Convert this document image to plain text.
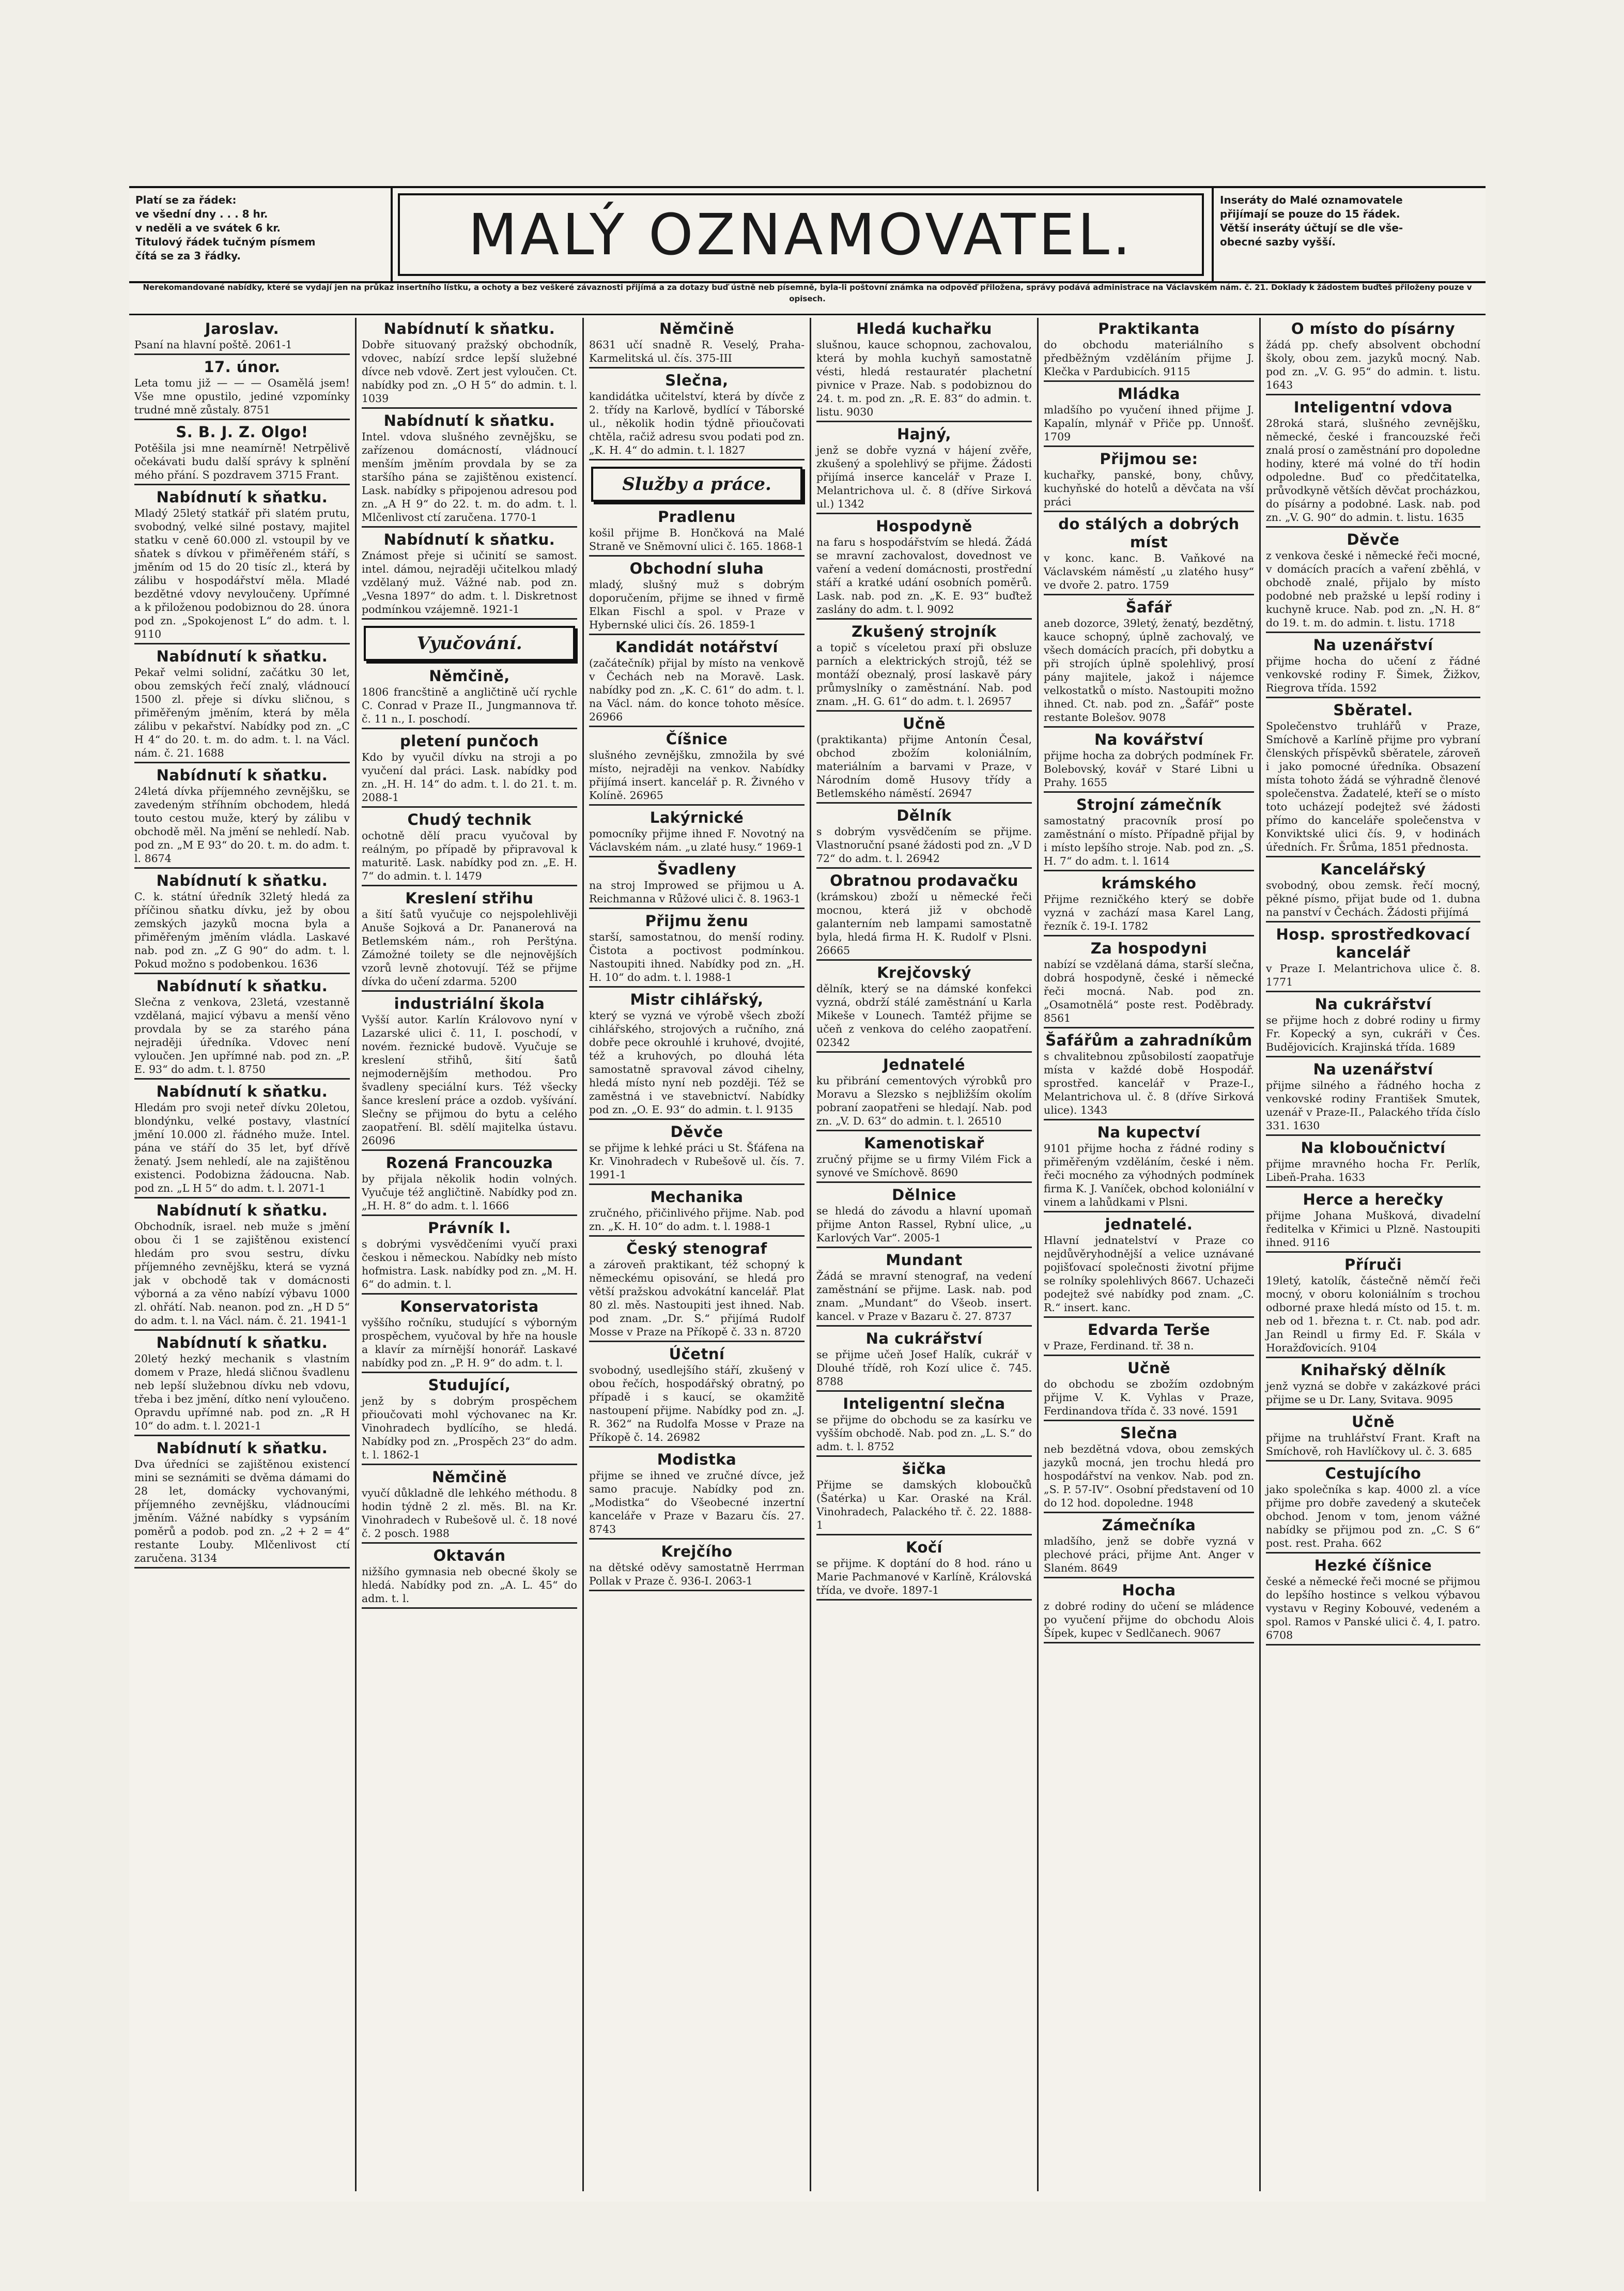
Platí se za řádek:
ve všední dny . . . 8 hr.
v neděli a ve svátek 6 kr.
Titulový řádek tučným písmem
čítá se za 3 řádky.	MALÝ OZNAMOVATEL.
Inseráty do Malé oznamovatele
přijímají se pouze do 15 řádek.
Větší inseráty účtují se dle vše-
obecné sazby vyšší.
Nerekomandované nabídky, které se vydají jen na průkaz insertního lístku, a ochoty a bez veškeré závaznosti přijímá a za dotazy buď ústně neb písemně, byla-li poštovní známka na odpověď přiložena, správy podává administrace na Václavském nám. č. 21. Doklady k žádostem buďteš přiloženy pouze v opisech.
Jaroslav.
Psaní na hlavní poště. 2061-1
17. únor.
Leta tomu již — — — Osamělá jsem! Vše mne opustilo, jediné vzpomínky trudné mně zůstaly. 8751
S. B. J. Z. Olgo!
Potěšila jsi mne neamírně! Netrpělivě očekávati budu další správy k splnění mého přání. S pozdravem 3715 Frant.
Nabídnutí k sňatku.
Mladý 25letý statkář při slatém prutu, svobodný, velké silné postavy, majitel statku v ceně 60.000 zl. vstoupil by ve sňatek s dívkou v přiměřeném stáří, s jměním od 15 do 20 tisíc zl., která by zálibu v hospodářství měla. Mladé bezdětné vdovy nevyloučeny. Upřímné a k přiloženou podobiznou do 28. února pod zn. „Spokojenost L“ do adm. t. l. 9110
Nabídnutí k sňatku.
Pekař velmi solidní, začátku 30 let, obou zemských řečí znalý, vládnoucí 1500 zl. přeje si dívku sličnou, s přiměřeným jměním, která by měla zálibu v pekařství. Nabídky pod zn. „C H 4“ do 20. t. m. do adm. t. l. na Václ. nám. č. 21. 1688
Nabídnutí k sňatku.
24letá dívka příjemného zevnějšku, se zavedeným stříhním obchodem, hledá touto cestou muže, který by zálibu v obchodě měl. Na jmění se nehledí. Nab. pod zn. „M E 93“ do 20. t. m. do adm. t. l. 8674
Nabídnutí k sňatku.
C. k. státní úředník 32letý hledá za příčinou sňatku dívku, jež by obou zemských jazyků mocna byla a přiměřeným jměním vládla. Laskavé nab. pod zn. „Z G 90“ do adm. t. l. Pokud možno s podobenkou. 1636
Nabídnutí k sňatku.
Slečna z venkova, 23letá, vzestanně vzdělaná, majicí výbavu a menší věno provdala by se za starého pána nejraději úředníka. Vdovec není vyloučen. Jen upřímné nab. pod zn. „P. E. 93“ do adm. t. l. 8750
Nabídnutí k sňatku.
Hledám pro svoji neteř dívku 20letou, blondýnku, velké postavy, vlastnící jmění 10.000 zl. řádného muže. Intel. pána ve stáří do 35 let, byť dřívě ženatý. Jsem nehledí, ale na zajištěnou existenci. Podobizna žádoucna. Nab. pod zn. „L H 5“ do adm. t. l. 2071-1
Nabídnutí k sňatku.
Obchodník, israel. neb muže s jmění obou či 1 se zajištěnou existencí hledám pro svou sestru, dívku příjemného zevnějšku, která se vyzná jak v obchodě tak v domácnosti výborná a za věno nabízí výbavu 1000 zl. ohřátí. Nab. neanon. pod zn. „H D 5“ do adm. t. l. na Václ. nám. č. 21. 1941-1
Nabídnutí k sňatku.
20letý hezký mechanik s vlastním domem v Praze, hledá sličnou švadlenu neb lepší služebnou dívku neb vdovu, třeba i bez jmění, dítko není vyloučeno. Opravdu upřímné nab. pod zn. „R H 10“ do adm. t. l. 2021-1
Nabídnutí k sňatku.
Dva úředníci se zajištěnou existencí mini se seznámiti se dvěma dámami do 28 let, domácky vychovanými, příjemného zevnějšku, vládnoucími jměním. Vážné nabídky s vypsáním poměrů a podob. pod zn. „2 + 2 = 4“ restante Louby. Mlčenlivost ctí zaručena. 3134
Nabídnutí k sňatku.
Dobře situovaný pražský obchodník, vdovec, nabízí srdce lepší služebné dívce neb vdově. Zert jest vyloučen. Ct. nabídky pod zn. „O H 5“ do admin. t. l. 1039
Nabídnutí k sňatku.
Intel. vdova slušného zevnějšku, se zařízenou domácností, vládnoucí menším jměním provdala by se za staršího pána se zajištěnou existencí. Lask. nabídky s připojenou adresou pod zn. „A H 9“ do 22. t. m. do adm. t. l. Mlčenlivost ctí zaručena. 1770-1
Nabídnutí k sňatku.
Známost přeje si učinití se samost. intel. dámou, nejraději učitelkou mladý vzdělaný muž. Vážné nab. pod zn. „Vesna 1897“ do adm. t. l. Diskretnost podmínkou vzájemně. 1921-1
Vyučování.
Němčině,
1806 francštině a angličtině učí rychle C. Conrad v Praze II., Jungmannova tř. č. 11 n., I. poschodí.
pletení punčoch
Kdo by vyučil dívku na stroji a po vyučení dal práci. Lask. nabídky pod zn. „H. H. 14“ do adm. t. l. do 21. t. m. 2088-1
Chudý technik
ochotně dělí pracu vyučoval by reálným, po případě by připravoval k maturitě. Lask. nabídky pod zn. „E. H. 7“ do admin. t. l. 1479
Kreslení střihu
a šití šatů vyučuje co nejspolehlivěji Anuše Sojková a Dr. Pananerová na Betlemském nám., roh Perštýna. Zámožné toilety se dle nejnovějších vzorů levně zhotovují. Též se přijme dívka do učení zdarma. 5200
industriální škola
Vyšší autor. Karlín Královovo nyní v Lazarské ulici č. 11, I. poschodí, v novém. řeznické budově. Vyučuje se kreslení střihů, šití šatů nejmodernějším methodou. Pro švadleny speciální kurs. Též všecky šance kreslení práce a ozdob. vyšívání. Slečny se přijmou do bytu a celého zaopatření. Bl. sdělí majitelka ústavu. 26096
Rozená Francouzka
by přijala několik hodin volných. Vyučuje též angličtině. Nabídky pod zn. „H. H. 8“ do adm. t. l. 1666
Právník I.
s dobrými vysvědčeními vyučí praxi českou i německou. Nabídky neb místo hofmistra. Lask. nabídky pod zn. „M. H. 6“ do admin. t. l.
Konservatorista
vyššího ročníku, studující s výborným prospěchem, vyučoval by hře na housle a klavír za mírnější honorář. Laskavé nabídky pod zn. „P. H. 9“ do adm. t. l.
Studující,
jenž by s dobrým prospěchem přioučovati mohl výchovanec na Kr. Vinohradech bydlícího, se hledá. Nabídky pod zn. „Prospěch 23“ do adm. t. l. 1862-1
Němčině
vyučí důkladně dle lehkého méthodu. 8 hodin týdně 2 zl. měs. Bl. na Kr. Vinohradech v Rubešově ul. č. 18 nové č. 2 posch. 1988
Oktaván
nižšího gymnasia neb obecné školy se hledá. Nabídky pod zn. „A. L. 45“ do adm. t. l.
Němčině
8631 učí snadně R. Veselý, Praha-Karmelitská ul. čís. 375-III
Slečna,
kandidátka učitelství, která by dívče z 2. třídy na Karlově, bydlící v Táborské ul., několik hodin týdně přioučovati chtěla, račiž adresu svou podati pod zn. „K. H. 4“ do admin. t. l. 1827
Služby a práce.
Pradlenu
košil přijme B. Hončková na Malé Straně ve Sněmovní ulici č. 165. 1868-1
Obchodní sluha
mladý, slušný muž s dobrým doporučením, přijme se ihned v firmě Elkan Fischl a spol. v Praze v Hybernské ulici čís. 26. 1859-1
Kandidát notářství
(začátečník) přijal by místo na venkově v Čechách neb na Moravě. Lask. nabídky pod zn. „K. C. 61“ do adm. t. l. na Václ. nám. do konce tohoto měsíce. 26966
Číšnice
slušného zevnějšku, zmnožila by své místo, nejraději na venkov. Nabídky přijímá insert. kancelář p. R. Živného v Kolíně. 26965
Lakýrnické
pomocníky přijme ihned F. Novotný na Václavském nám. „u zlaté husy.“ 1969-1
Švadleny
na stroj Improwed se přijmou u A. Reichmanna v Růžové ulici č. 8. 1963-1
Přijmu ženu
starší, samostatnou, do menší rodiny. Čistota a poctivost podmínkou. Nastoupiti ihned. Nabídky pod zn. „H. H. 10“ do adm. t. l. 1988-1
Mistr cihlářský,
který se vyzná ve výrobě všech zboží cihlářského, strojových a ručního, zná dobře pece okrouhlé i kruhové, dvojité, též a kruhových, po dlouhá léta samostatně spravoval závod cihelny, hledá místo nyní neb později. Též se zaměstná i ve stavebnictví. Nabídky pod zn. „O. E. 93“ do admin. t. l. 9135
Děvče
se přijme k lehké práci u St. Šťáfena na Kr. Vinohradech v Rubešově ul. čís. 7. 1991-1
Mechanika
zručného, přičinlivého přijme. Nab. pod zn. „K. H. 10“ do adm. t. l. 1988-1
Český stenograf
a zároveň praktikant, též schopný k německému opisování, se hledá pro větší pražskou advokátní kancelář. Plat 80 zl. měs. Nastoupiti jest ihned. Nab. pod znam. „Dr. S.“ přijímá Rudolf Mosse v Praze na Příkopě č. 33 n. 8720
Účetní
svobodný, usedlejšího stáří, zkušený v obou řečích, hospodářský obratný, po případě i s kaucí, se okamžitě nastoupení přijme. Nabídky pod zn. „J. R. 362“ na Rudolfa Mosse v Praze na Příkopě č. 14. 26982
Modistka
přijme se ihned ve zručné dívce, jež samo pracuje. Nabídky pod zn. „Modistka“ do Všeobecné inzertní kanceláře v Praze v Bazaru čís. 27. 8743
Krejčího
na dětské oděvy samostatně Herrman Pollak v Praze č. 936-I. 2063-1
Hledá kuchařku
slušnou, kauce schopnou, zachovalou, která by mohla kuchyň samostatně vésti, hledá restauratér plachetní pivnice v Praze. Nab. s podobiznou do 24. t. m. pod zn. „R. E. 83“ do admin. t. listu. 9030
Hajný,
jenž se dobře vyzná v hájení zvěře, zkušený a spolehlivý se přijme. Žádosti přijímá inserce kancelář v Praze I. Melantrichova ul. č. 8 (dříve Sirková ul.) 1342
Hospodyně
na faru s hospodářstvím se hledá. Žádá se mravní zachovalost, dovednost ve vaření a vedení domácnosti, prostřední stáří a kratké udání osobních poměrů. Lask. nab. pod zn. „K. E. 93“ buďtež zaslány do adm. t. l. 9092
Zkušený strojník
a topič s víceletou praxí při obsluze parních a elektrických strojů, též se montáží obeznalý, prosí laskavě páry průmyslníky o zaměstnání. Nab. pod znam. „H. G. 61“ do adm. t. l. 26957
Učně
(praktikanta) přijme Antonín Česal, obchod zbožím koloniálním, materiálním a barvami v Praze, v Národním domě Husovy třídy a Betlemského náměstí. 26947
Dělník
s dobrým vysvědčením se přijme. Vlastnoruční psané žádosti pod zn. „V D 72“ do adm. t. l. 26942
Obratnou prodavačku
(krámskou) zboží u německé řeči mocnou, která již v obchodě galanterním neb lampami samostatně byla, hledá firma H. K. Rudolf v Plsni. 26665
Krejčovský
dělník, který se na dámské konfekci vyzná, obdrží stálé zaměstnání u Karla Mikeše v Lounech. Tamtéž přijme se učeň z venkova do celého zaopatření. 02342
Jednatelé
ku přibrání cementových výrobků pro Moravu a Slezsko s nejbližším okolím pobraní zaopatřeni se hledají. Nab. pod zn. „V. D. 63“ do admin. t. l. 26510
Kamenotiskař
zručný přijme se u firmy Vilém Fick a synové ve Smíchově. 8690
Dělnice
se hledá do závodu a hlavní upomaň přijme Anton Rassel, Rybní ulice, „u Karlových Var“. 2005-1
Mundant
Žádá se mravní stenograf, na vedení zaměstnání se přijme. Lask. nab. pod znam. „Mundant“ do Všeob. insert. kancel. v Praze v Bazaru č. 27. 8737
Na cukrářství
se přijme učeň Josef Halík, cukrář v Dlouhé třídě, roh Kozí ulice č. 745. 8788
Inteligentní slečna
se přijme do obchodu se za kasírku ve vyšším obchodě. Nab. pod zn. „L. S.“ do adm. t. l. 8752
šička
Přijme se damských kloboučků (Šatérka) u Kar. Oraské na Král. Vinohradech, Palackého tř. č. 22. 1888-1
Kočí
se přijme. K doptání do 8 hod. ráno u Marie Pachmanové v Karlíně, Královská třída, ve dvoře. 1897-1
Praktikanta
do obchodu materiálního s předběžným vzděláním přijme J. Klečka v Pardubicích. 9115
Mládka
mladšího po vyučení ihned přijme J. Kapalín, mlynář v Přiče pp. Unnošť. 1709
Přijmou se:
kuchařky, panské, bony, chůvy, kuchyňské do hotelů a děvčata na vší práci
do stálých a dobrých míst
v konc. kanc. B. Vaňkové na Václavském náměstí „u zlatého husy“ ve dvoře 2. patro. 1759
Šafář
aneb dozorce, 39letý, ženatý, bezdětný, kauce schopný, úplně zachovalý, ve všech domácích pracích, při dobytku a při strojích úplně spolehlivý, prosí pány majitele, jakož i nájemce velkostatků o místo. Nastoupiti možno ihned. Ct. nab. pod zn. „Šafář“ poste restante Bolešov. 9078
Na kovářství
přijme hocha za dobrých podmínek Fr. Bolebovský, kovář v Staré Libni u Prahy. 1655
Strojní zámečník
samostatný pracovník prosí po zaměstnání o místo. Případně přijal by i místo lepšího stroje. Nab. pod zn. „S. H. 7“ do adm. t. l. 1614
krámského
Přijme rezničkého který se dobře vyzná v zachází masa Karel Lang, řezník č. 19-I. 1782
Za hospodyni
nabízí se vzdělaná dáma, starší slečna, dobrá hospodyně, české i německé řeči mocná. Nab. pod zn. „Osamotnělá“ poste rest. Poděbrady. 8561
Šafářům a zahradníkům
s chvalitebnou způsobilostí zaopatřuje místa v každé době Hospodář. sprostřed. kancelář v Praze-I., Melantrichova ul. č. 8 (dříve Sirková ulice). 1343
Na kupectví
9101 přijme hocha z řádné rodiny s přiměřeným vzděláním, české i něm. řeči mocného za výhodných podmínek firma K. J. Vaníček, obchod koloniální v vinem a lahůdkami v Plsni.
jednatelé.
Hlavní jednatelství v Praze co nejdůvěryhodnější a velice uznávané pojišťovací společnosti životní přijme se rolníky spolehlivých 8667. Uchazeči podejtež své nabídky pod znam. „C. R.“ insert. kanc.
Edvarda Terše
v Praze, Ferdinand. tř. 38 n.
Učně
do obchodu se zbožím ozdobným přijme V. K. Vyhlas v Praze, Ferdinandova třída č. 33 nové. 1591
Slečna
neb bezdětná vdova, obou zemských jazyků mocná, jen trochu hledá pro hospodářství na venkov. Nab. pod zn. „S. P. 57-IV“. Osobní představení od 10 do 12 hod. dopoledne. 1948
Zámečníka
mladšího, jenž se dobře vyzná v plechové práci, přijme Ant. Anger v Slaném. 8649
Hocha
z dobré rodiny do učení se mládence po vyučení přijme do obchodu Alois Šípek, kupec v Sedlčanech. 9067
O místo do písárny
žádá pp. chefy absolvent obchodní školy, obou zem. jazyků mocný. Nab. pod zn. „V. G. 95“ do admin. t. listu. 1643
Inteligentní vdova
28roká stará, slušného zevnějšku, německé, české i francouzské řeči znalá prosí o zaměstnání pro dopoledne hodiny, které má volné do tří hodin odpoledne. Buď co předčitatelka, průvodkyně větších děvčat procházkou, do písárny a podobné. Lask. nab. pod zn. „V. G. 90“ do admin. t. listu. 1635
Děvče
z venkova české i německé řeči mocné, v domácích pracích a vaření zběhlá, v obchodě znalé, přijalo by místo podobné neb pražské u lepší rodiny i kuchyně kruce. Nab. pod zn. „N. H. 8“ do 19. t. m. do admin. t. listu. 1718
Na uzenářství
přijme hocha do učení z řádné venkovské rodiny F. Šimek, Žižkov, Riegrova třída. 1592
Sběratel.
Společenstvo truhlářů v Praze, Smíchově a Karlíně přijme pro vybraní členských příspěvků sběratele, zároveň i jako pomocné úředníka. Obsazení místa tohoto žádá se výhradně členové společenstva. Žadatelé, kteří se o místo toto ucházejí podejtež své žádosti přímo do kanceláře společenstva v Konviktské ulici čís. 9, v hodinách úředních. Fr. Šrůma, 1851 přednosta.
Kancelářský
svobodný, obou zemsk. řečí mocný, pěkné písmo, přijat bude od 1. dubna na panství v Čechách. Žádosti přijímá
Hosp. sprostředkovací kancelář
v Praze I. Melantrichova ulice č. 8. 1771
Na cukrářství
se přijme hoch z dobré rodiny u firmy Fr. Kopecký a syn, cukráři v Čes. Budějovicích. Krajinská třída. 1689
Na uzenářství
přijme silného a řádného hocha z venkovské rodiny František Smutek, uzenář v Praze-II., Palackého třída číslo 331. 1630
Na kloboučnictví
přijme mravného hocha Fr. Perlík, Libeň-Praha. 1633
Herce a herečky
přijme Johana Mušková, divadelní ředitelka v Křimici u Plzně. Nastoupiti ihned. 9116
Příruči
19letý, katolík, částečně němčí řeči mocný, v oboru koloniálním s trochou odborné praxe hledá místo od 15. t. m. neb od 1. března t. r. Ct. nab. pod adr. Jan Reindl u firmy Ed. F. Skála v Horažďovicích. 9104
Knihařský dělník
jenž vyzná se dobře v zakázkové práci přijme se u Dr. Lany, Svitava. 9095
Učně
přijme na truhlářství Frant. Kraft na Smíchově, roh Havlíčkovy ul. č. 3. 685
Cestujícího
jako společníka s kap. 4000 zl. a více přijme pro dobře zavedený a skuteček obchod. Jenom v tom, jenom vážné nabídky se přijmou pod zn. „C. S 6“ post. rest. Praha. 662
Hezké číšnice
české a německé řeči mocné se přijmou do lepšího hostince s velkou výbavou vystavu v Reginy Kobouvé, vedeném a spol. Ramos v Panské ulici č. 4, I. patro. 6708
